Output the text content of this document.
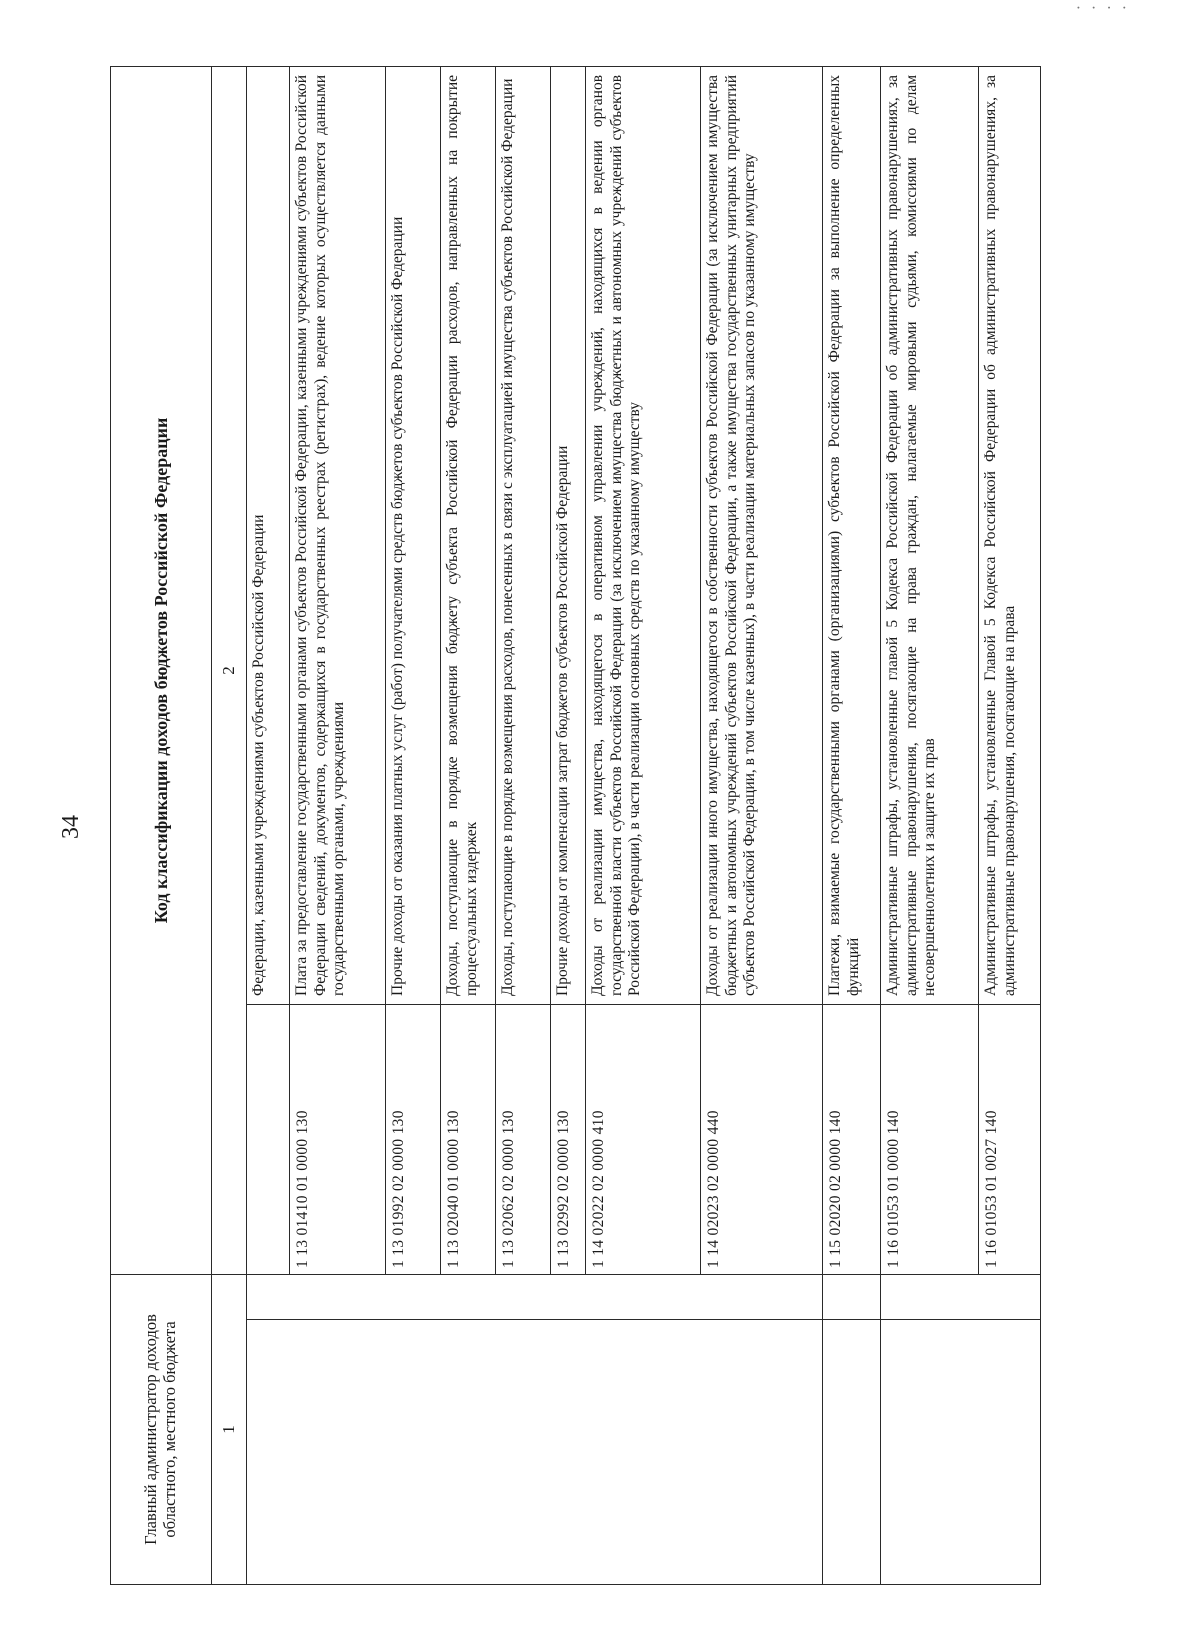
· · · ·
34
Главный администратор доходов областного, местного бюджета		Код классификации доходов бюджетов Российской Федерации	
1		2	
			Федерации, казенными учреждениями субъектов Российской Федерации
		1 13 01410 01 0000 130	Плата за предоставление государственными органами субъектов Российской Федерации, казенными учреждениями субъектов Российской Федерации сведений, документов, содержащихся в государственных реестрах (регистрах), ведение которых осуществляется данными государственными органами, учреждениями
		1 13 01992 02 0000 130	Прочие доходы от оказания платных услуг (работ) получателями средств бюджетов субъектов Российской Федерации
		1 13 02040 01 0000 130	Доходы, поступающие в порядке возмещения бюджету субъекта Российской Федерации расходов, направленных на покрытие процессуальных издержек
		1 13 02062 02 0000 130	Доходы, поступающие в порядке возмещения расходов, понесенных в связи с эксплуатацией имущества субъектов Российской Федерации
		1 13 02992 02 0000 130	Прочие доходы от компенсации затрат бюджетов субъектов Российской Федерации
		1 14 02022 02 0000 410	Доходы от реализации имущества, находящегося в оперативном управлении учреждений, находящихся в ведении органов государственной власти субъектов Российской Федерации (за исключением имущества бюджетных и автономных учреждений субъектов Российской Федерации), в части реализации основных средств по указанному имуществу
		1 14 02023 02 0000 440	Доходы от реализации иного имущества, находящегося в собственности субъектов Российской Федерации (за исключением имущества бюджетных и автономных учреждений субъектов Российской Федерации, а также имущества государственных унитарных предприятий субъектов Российской Федерации, в том числе казенных), в части реализации материальных запасов по указанному имуществу
		1 15 02020 02 0000 140	Платежи, взимаемые государственными органами (организациями) субъектов Российской Федерации за выполнение определенных функций
		1 16 01053 01 0000 140	Административные штрафы, установленные главой 5 Кодекса Российской Федерации об административных правонарушениях, за административные правонарушения, посягающие на права граждан, налагаемые мировыми судьями, комиссиями по делам несовершеннолетних и защите их прав
		1 16 01053 01 0027 140	Административные штрафы, установленные Главой 5 Кодекса Российской Федерации об административных правонарушениях, за административные правонарушения, посягающие на права
